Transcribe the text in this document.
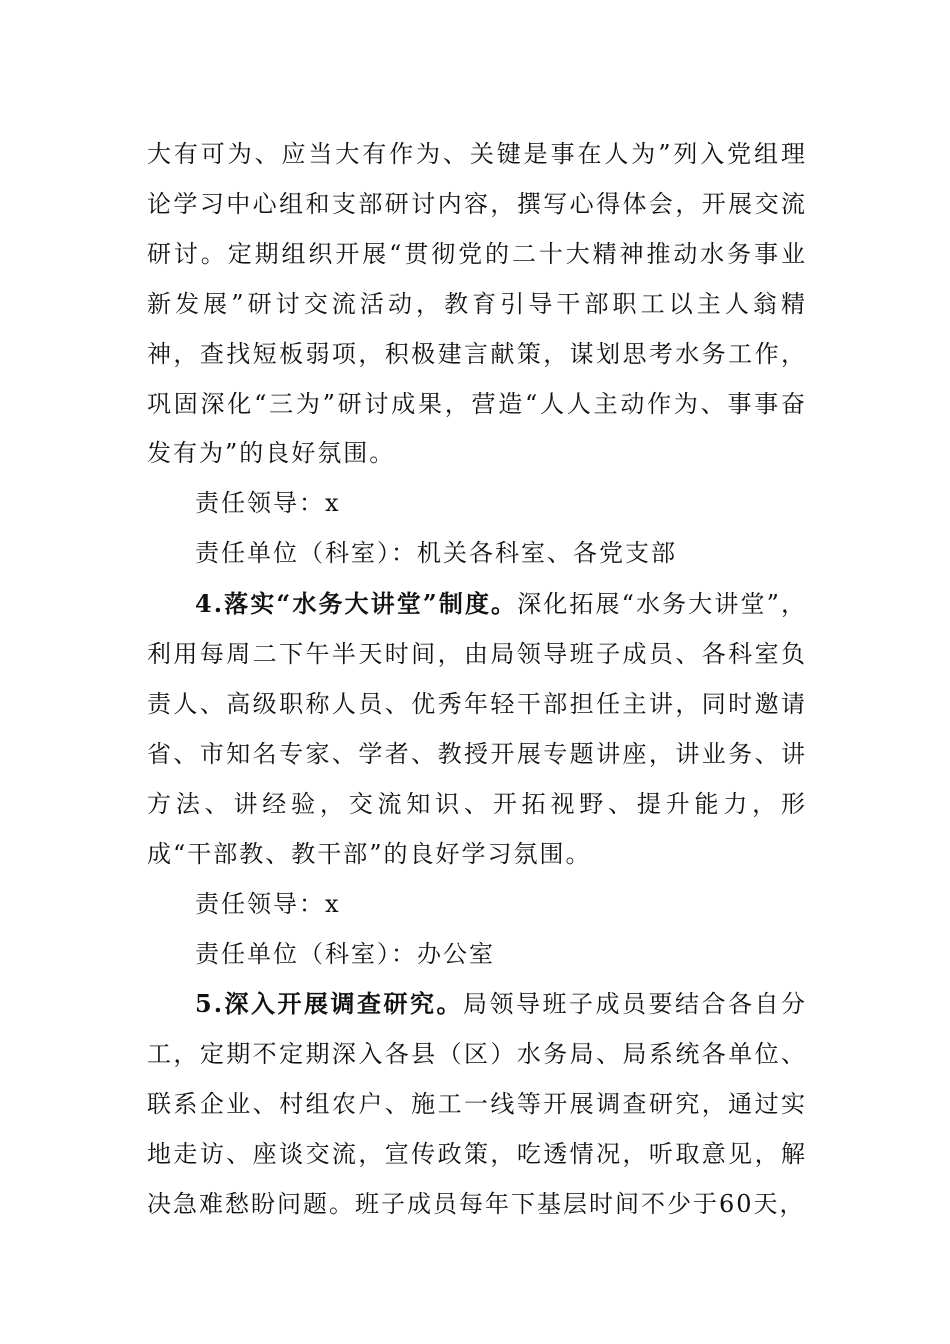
大有可为、应当大有作为、关键是事在人为”列入党组理论学习中心组和支部研讨内容，撰写心得体会，开展交流研讨。定期组织开展“贯彻党的二十大精神推动水务事业新发展”研讨交流活动，教育引导干部职工以主人翁精神，查找短板弱项，积极建言献策，谋划思考水务工作，巩固深化“三为”研讨成果，营造“人人主动作为、事事奋发有为”的良好氛围。

责任领导：x

责任单位（科室）：机关各科室、各党支部

4.落实“水务大讲堂”制度。深化拓展“水务大讲堂”，利用每周二下午半天时间，由局领导班子成员、各科室负责人、高级职称人员、优秀年轻干部担任主讲，同时邀请省、市知名专家、学者、教授开展专题讲座，讲业务、讲方法、讲经验，交流知识、开拓视野、提升能力，形成“干部教、教干部”的良好学习氛围。

责任领导：x

责任单位（科室）：办公室

5.深入开展调查研究。局领导班子成员要结合各自分工，定期不定期深入各县（区）水务局、局系统各单位、联系企业、村组农户、施工一线等开展调查研究，通过实地走访、座谈交流，宣传政策，吃透情况，听取意见，解决急难愁盼问题。班子成员每年下基层时间不少于60天，
